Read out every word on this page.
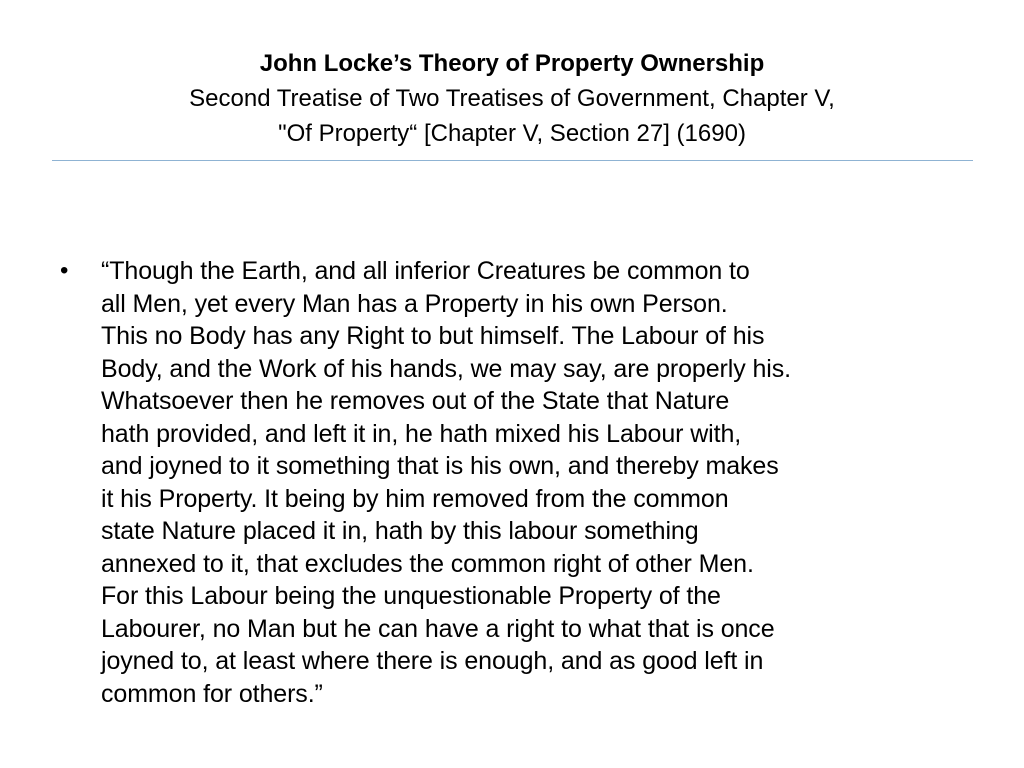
John Locke’s Theory of Property Ownership
Second Treatise of Two Treatises of Government, Chapter V,
"Of Property“ [Chapter V, Section 27] (1690)
• “Though the Earth, and all inferior Creatures be common to
all Men, yet every Man has a Property in his own Person.
This no Body has any Right to but himself. The Labour of his
Body, and the Work of his hands, we may say, are properly his.
Whatsoever then he removes out of the State that Nature
hath provided, and left it in, he hath mixed his Labour with,
and joyned to it something that is his own, and thereby makes
it his Property. It being by him removed from the common
state Nature placed it in, hath by this labour something
annexed to it, that excludes the common right of other Men.
For this Labour being the unquestionable Property of the
Labourer, no Man but he can have a right to what that is once
joyned to, at least where there is enough, and as good left in
common for others.”
